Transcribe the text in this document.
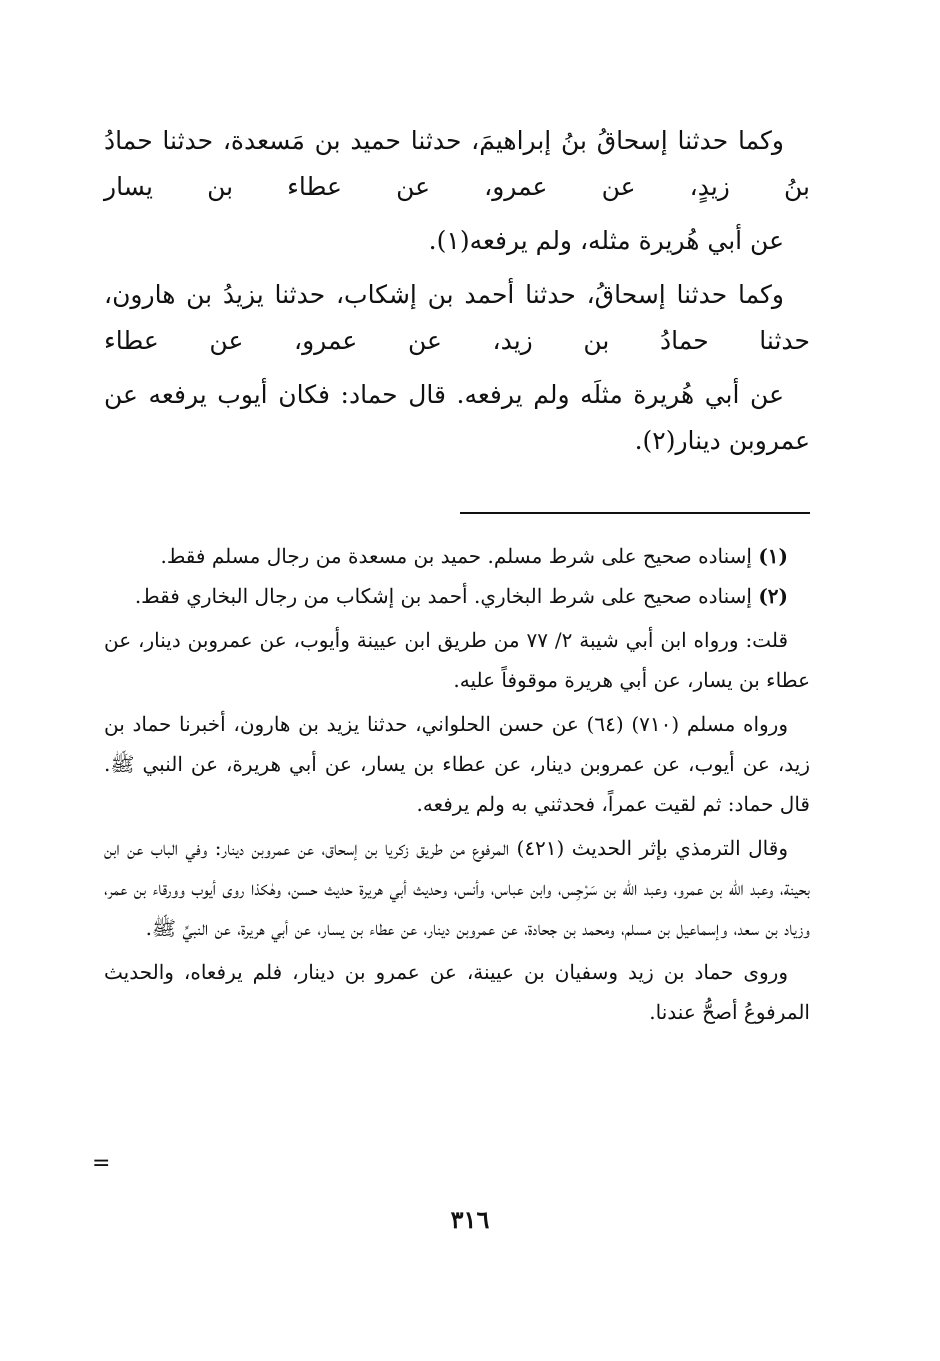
وكما حدثنا إسحاقُ بنُ إبراهيمَ، حدثنا حميد بن مَسعدة، حدثنا حمادُ بنُ زيدٍ، عن عمرو، عن عطاء بن يسار

عن أبي هُريرة مثله، ولم يرفعه(١).

وكما حدثنا إسحاقُ، حدثنا أحمد بن إشكاب، حدثنا يزيدُ بن هارون، حدثنا حمادُ بن زيد، عن عمرو، عن عطاء

عن أبي هُريرة مثلَه ولم يرفعه. قال حماد: فكان أيوب يرفعه عن عمروبن دينار(٢).

(١) إسناده صحيح على شرط مسلم. حميد بن مسعدة من رجال مسلم فقط.

(٢) إسناده صحيح على شرط البخاري. أحمد بن إشكاب من رجال البخاري فقط.

قلت: ورواه ابن أبي شيبة ٢/ ٧٧ من طريق ابن عيينة وأيوب، عن عمروبن دينار، عن عطاء بن يسار، عن أبي هريرة موقوفاً عليه.

ورواه مسلم (٧١٠) (٦٤) عن حسن الحلواني، حدثنا يزيد بن هارون، أخبرنا حماد بن زيد، عن أيوب، عن عمروبن دينار، عن عطاء بن يسار، عن أبي هريرة، عن النبي ﷺ. قال حماد: ثم لقيت عمراً، فحدثني به ولم يرفعه.

وقال الترمذي بإثر الحديث (٤٢١) المرفوع من طريق زكريا بن إسحاق، عن عمروبن دينار: وفي الباب عن ابن بحينة، وعبد الله بن عمرو، وعبد الله بن سَرْجِس، وابن عباس، وأنس، وحديث أبي هريرة حديث حسن، وهٰكذا روى أيوب وورقاء بن عمر، وزياد بن سعد، وإسماعيل بن مسلم، ومحمد بن جحادة، عن عمروبن دينار، عن عطاء بن يسار، عن أبي هريرة، عن النبيِّ ﷺ.

وروى حماد بن زيد وسفيان بن عيينة، عن عمرو بن دينار، فلم يرفعاه، والحديث المرفوعُ أصحُّ عندنا.

=
٣١٦
